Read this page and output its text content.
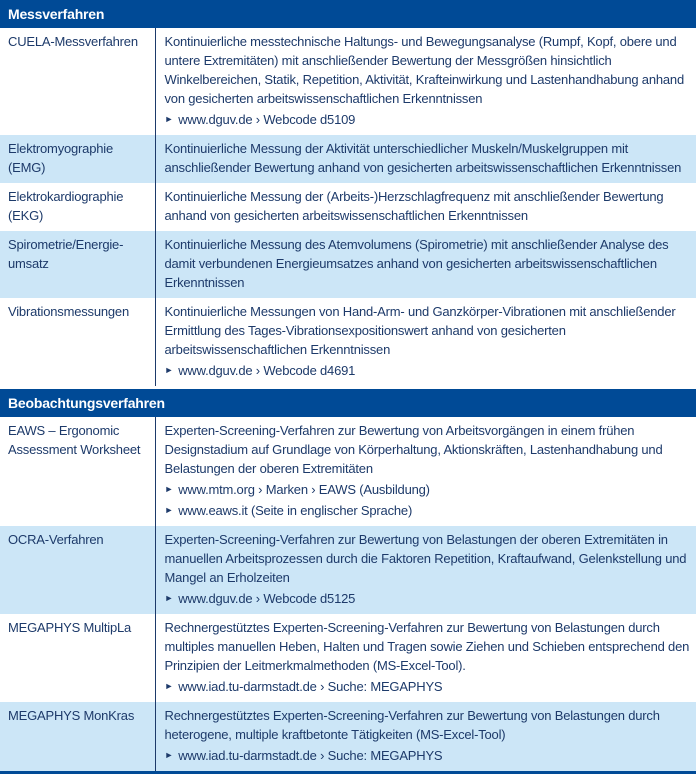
Messverfahren	
CUELA-Messverfahren	Kontinuierliche messtechnische Haltungs- und Bewegungsanalyse (Rumpf, Kopf, obere und untere Extremitäten) mit anschließender Bewertung der Messgrößen hinsichtlich Winkelbereichen, Statik, Repetition, Aktivität, Krafteinwirkung und Lastenhandhabung anhand von gesicherten arbeitswissenschaftlichen Erkenntnissen

► www.dguv.de › Webcode d5109

Elektromyographie (EMG)	Kontinuierliche Messung der Aktivität unterschiedlicher Muskeln/Muskelgruppen mit anschließender Bewertung anhand von gesicherten arbeitswissenschaftlichen Erkenntnissen

Elektrokardiographie (EKG)	Kontinuierliche Messung der (Arbeits-)Herzschlagfrequenz mit anschließender Bewertung anhand von gesicherten arbeitswissenschaftlichen Erkenntnissen

Spirometrie/Energie-umsatz	Kontinuierliche Messung des Atemvolumens (Spirometrie) mit anschließender Analyse des damit verbundenen Energieumsatzes anhand von gesicherten arbeitswissenschaftlichen Erkenntnissen

Vibrationsmessungen	Kontinuierliche Messungen von Hand-Arm- und Ganzkörper-Vibrationen mit anschließender Ermittlung des Tages-Vibrationsexpositionswert anhand von gesicherten arbeitswissenschaftlichen Erkenntnissen

► www.dguv.de › Webcode d4691

Beobachtungsverfahren	
EAWS – Ergonomic Assessment Worksheet	Experten-Screening-Verfahren zur Bewertung von Arbeitsvorgängen in einem frühen Designstadium auf Grundlage von Körperhaltung, Aktionskräften, Lastenhandhabung und Belastungen der oberen Extremitäten

► www.mtm.org › Marken › EAWS (Ausbildung)
► www.eaws.it (Seite in englischer Sprache)

OCRA-Verfahren	Experten-Screening-Verfahren zur Bewertung von Belastungen der oberen Extremitäten in manuellen Arbeitsprozessen durch die Faktoren Repetition, Kraftaufwand, Gelenkstellung und Mangel an Erholzeiten

► www.dguv.de › Webcode d5125

MEGAPHYS MultipLa	Rechnergestütztes Experten-Screening-Verfahren zur Bewertung von Belastungen durch multiples manuellen Heben, Halten und Tragen sowie Ziehen und Schieben entsprechend den Prinzipien der Leitmerkmalmethoden (MS-Excel-Tool).

► www.iad.tu-darmstadt.de › Suche: MEGAPHYS

MEGAPHYS MonKras	Rechnergestütztes Experten-Screening-Verfahren zur Bewertung von Belastungen durch heterogene, multiple kraftbetonte Tätigkeiten (MS-Excel-Tool)

► www.iad.tu-darmstadt.de › Suche: MEGAPHYS
